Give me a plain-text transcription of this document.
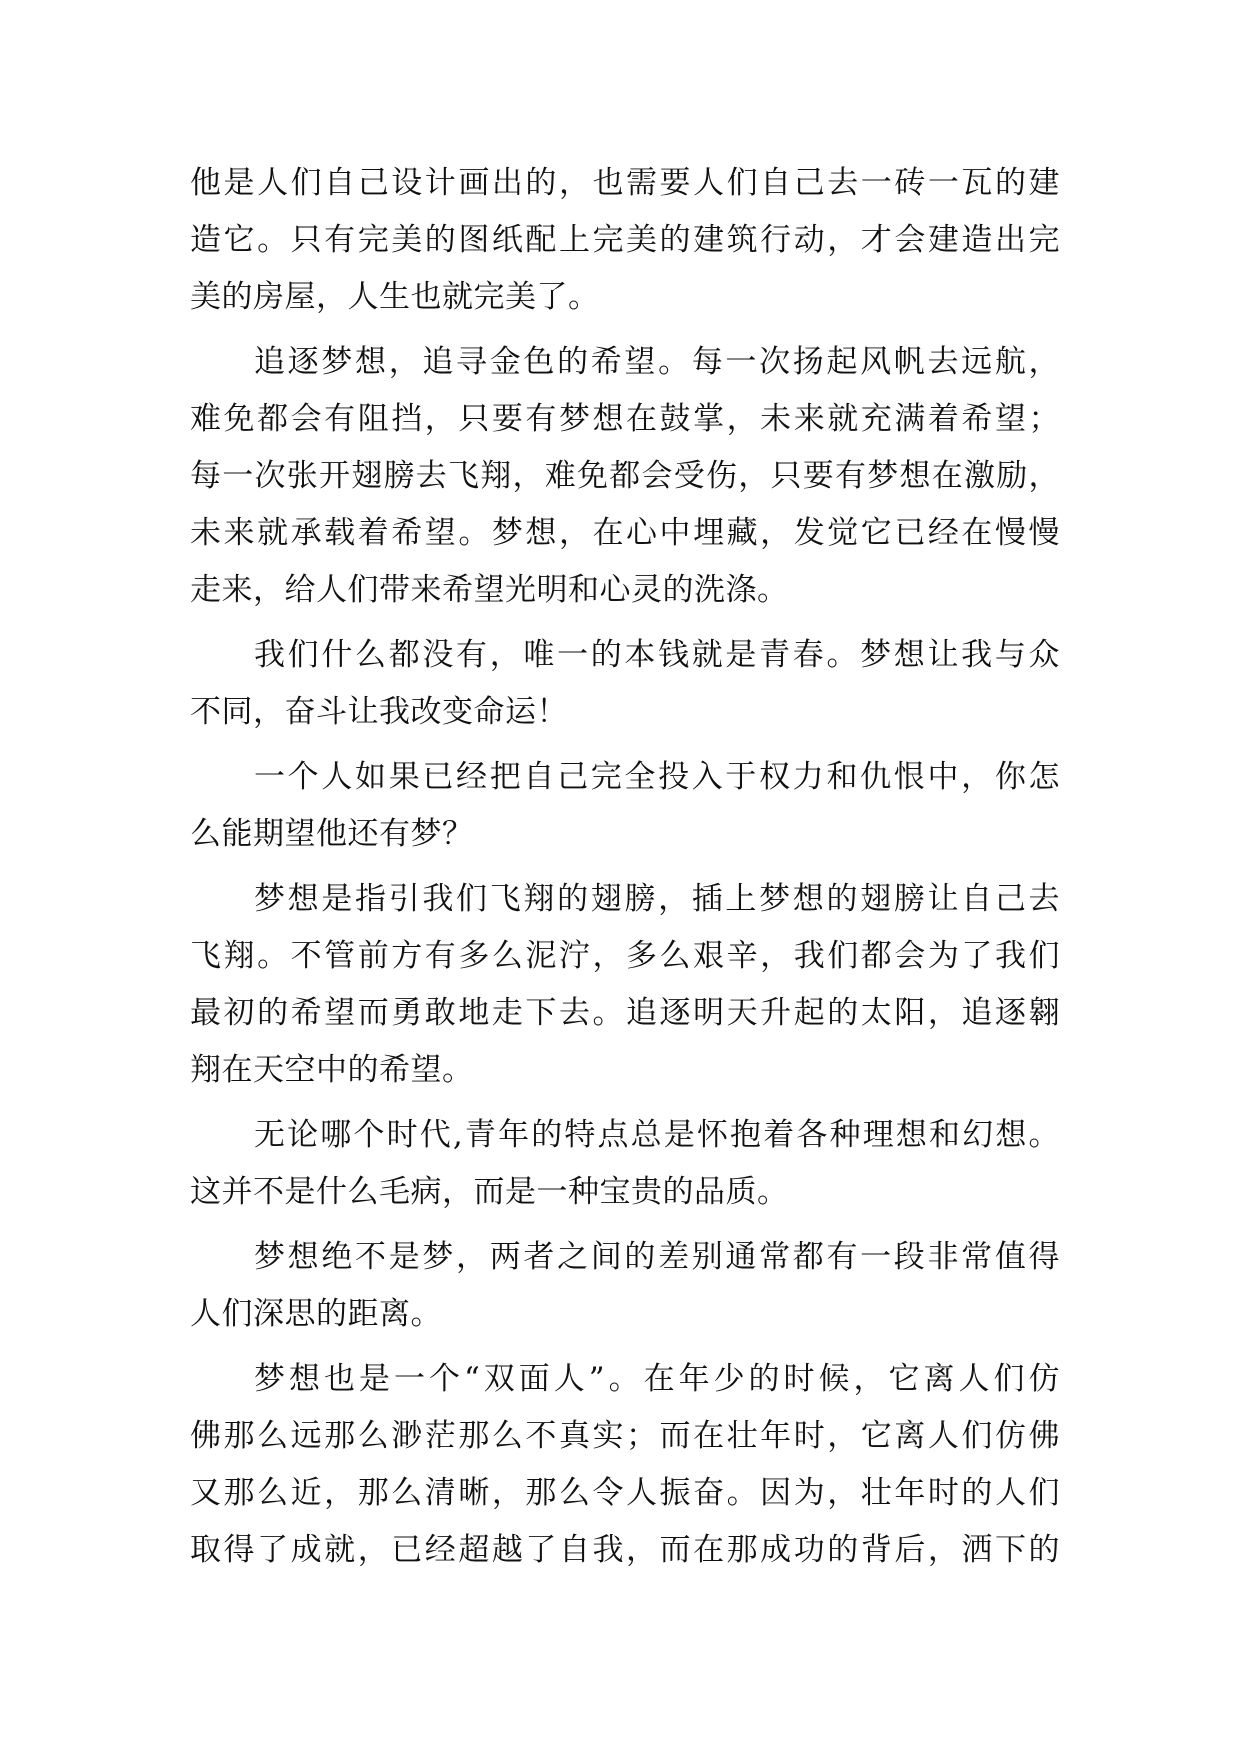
他是人们自己设计画出的，也需要人们自己去一砖一瓦的建
造它。只有完美的图纸配上完美的建筑行动，才会建造出完
美的房屋，人生也就完美了。
追逐梦想，追寻金色的希望。每一次扬起风帆去远航，
难免都会有阻挡，只要有梦想在鼓掌，未来就充满着希望；
每一次张开翅膀去飞翔，难免都会受伤，只要有梦想在激励，
未来就承载着希望。梦想，在心中埋藏，发觉它已经在慢慢
走来，给人们带来希望光明和心灵的洗涤。
我们什么都没有，唯一的本钱就是青春。梦想让我与众
不同，奋斗让我改变命运！
一个人如果已经把自己完全投入于权力和仇恨中，你怎
么能期望他还有梦？
梦想是指引我们飞翔的翅膀，插上梦想的翅膀让自己去
飞翔。不管前方有多么泥泞，多么艰辛，我们都会为了我们
最初的希望而勇敢地走下去。追逐明天升起的太阳，追逐翱
翔在天空中的希望。
无论哪个时代,青年的特点总是怀抱着各种理想和幻想。
这并不是什么毛病，而是一种宝贵的品质。
梦想绝不是梦，两者之间的差别通常都有一段非常值得
人们深思的距离。
梦想也是一个“双面人”。在年少的时候，它离人们仿
佛那么远那么渺茫那么不真实；而在壮年时，它离人们仿佛
又那么近，那么清晰，那么令人振奋。因为，壮年时的人们
取得了成就，已经超越了自我，而在那成功的背后，洒下的
